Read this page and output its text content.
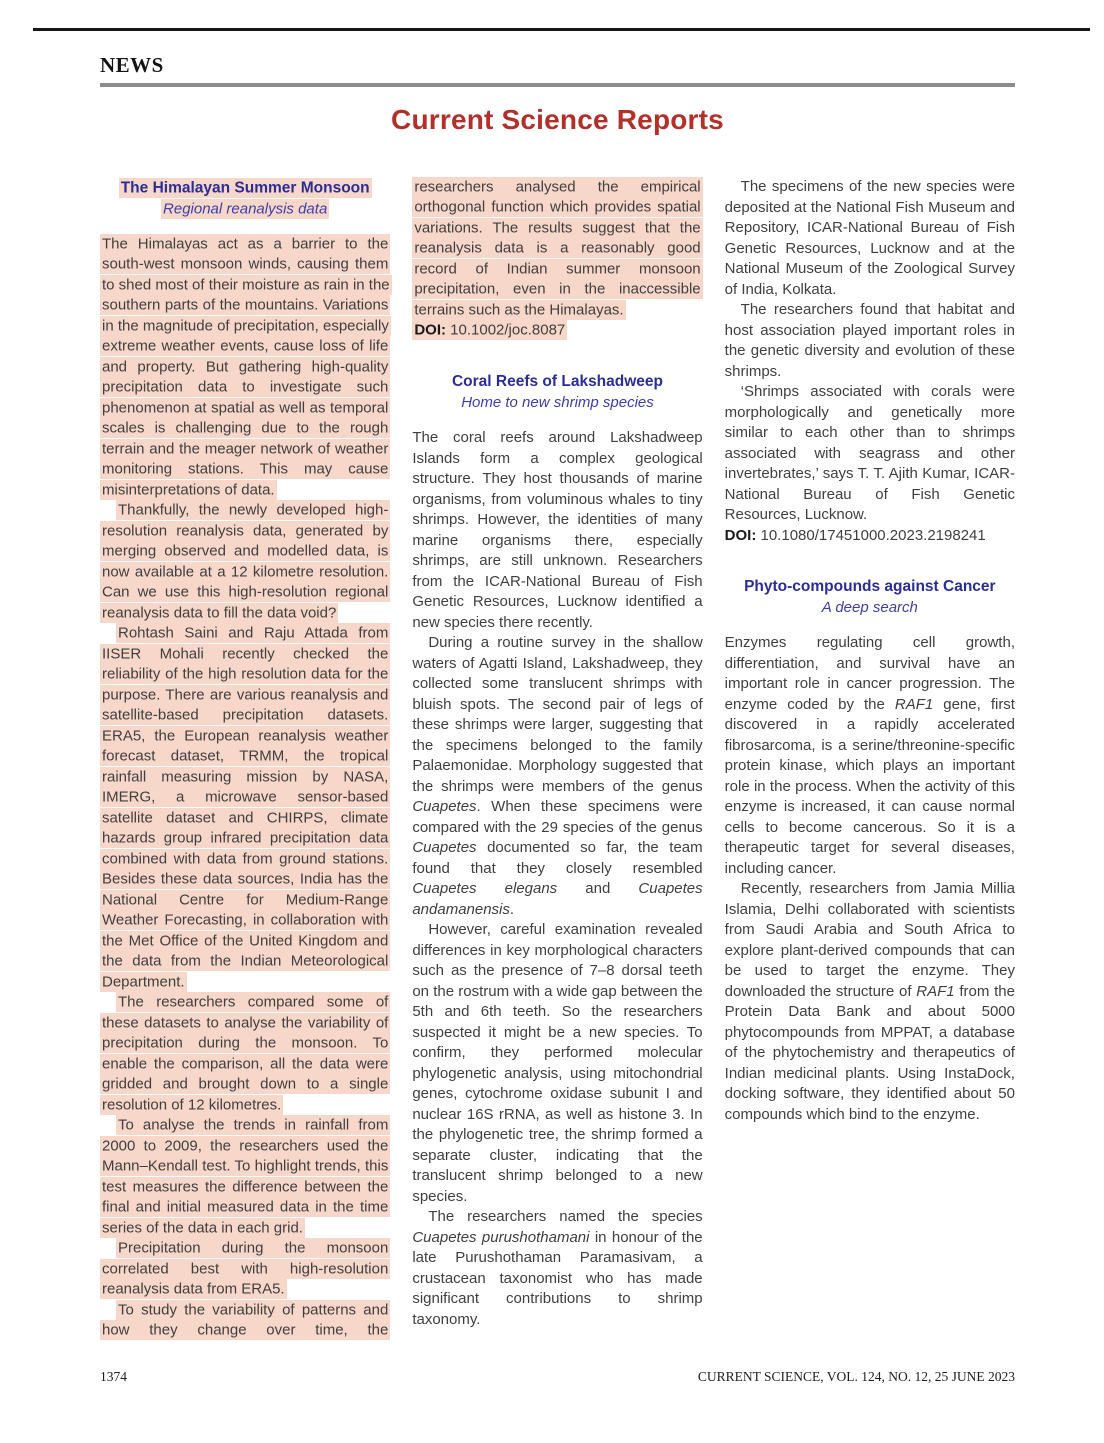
NEWS
Current Science Reports
The Himalayan Summer Monsoon
Regional reanalysis data

The Himalayas act as a barrier to the south-west monsoon winds, causing them to shed most of their moisture as rain in the southern parts of the mountains. Variations in the magnitude of precipitation, especially extreme weather events, cause loss of life and property. But gathering high-quality precipitation data to investigate such phenomenon at spatial as well as temporal scales is challenging due to the rough terrain and the meager network of weather monitoring stations. This may cause misinterpretations of data.

Thankfully, the newly developed high-resolution reanalysis data, generated by merging observed and modelled data, is now available at a 12 kilometre resolution. Can we use this high-resolution regional reanalysis data to fill the data void?

Rohtash Saini and Raju Attada from IISER Mohali recently checked the reliability of the high resolution data for the purpose. There are various reanalysis and satellite-based precipitation datasets. ERA5, the European reanalysis weather forecast dataset, TRMM, the tropical rainfall measuring mission by NASA, IMERG, a microwave sensor-based satellite dataset and CHIRPS, climate hazards group infrared precipitation data combined with data from ground stations. Besides these data sources, India has the National Centre for Medium-Range Weather Forecasting, in collaboration with the Met Office of the United Kingdom and the data from the Indian Meteorological Department.

The researchers compared some of these datasets to analyse the variability of precipitation during the monsoon. To enable the comparison, all the data were gridded and brought down to a single resolution of 12 kilometres.

To analyse the trends in rainfall from 2000 to 2009, the researchers used the Mann–Kendall test. To highlight trends, this test measures the difference between the final and initial measured data in the time series of the data in each grid.

Precipitation during the monsoon correlated best with high-resolution reanalysis data from ERA5.

To study the variability of patterns and how they change over time, the researchers analysed the empirical orthogonal function which provides spatial variations. The results suggest that the reanalysis data is a reasonably good record of Indian summer monsoon precipitation, even in the inaccessible terrains such as the Himalayas.

DOI: 10.1002/joc.8087

Coral Reefs of Lakshadweep
Home to new shrimp species

The coral reefs around Lakshadweep Islands form a complex geological structure. They host thousands of marine organisms, from voluminous whales to tiny shrimps. However, the identities of many marine organisms there, especially shrimps, are still unknown. Researchers from the ICAR-National Bureau of Fish Genetic Resources, Lucknow identified a new species there recently.

During a routine survey in the shallow waters of Agatti Island, Lakshadweep, they collected some translucent shrimps with bluish spots. The second pair of legs of these shrimps were larger, suggesting that the specimens belonged to the family Palaemonidae. Morphology suggested that the shrimps were members of the genus Cuapetes. When these specimens were compared with the 29 species of the genus Cuapetes documented so far, the team found that they closely resembled Cuapetes elegans and Cuapetes andamanensis.

However, careful examination revealed differences in key morphological characters such as the presence of 7–8 dorsal teeth on the rostrum with a wide gap between the 5th and 6th teeth. So the researchers suspected it might be a new species. To confirm, they performed molecular phylogenetic analysis, using mitochondrial genes, cytochrome oxidase subunit I and nuclear 16S rRNA, as well as histone 3. In the phylogenetic tree, the shrimp formed a separate cluster, indicating that the translucent shrimp belonged to a new species.

The researchers named the species Cuapetes purushothamani in honour of the late Purushothaman Paramasivam, a crustacean taxonomist who has made significant contributions to shrimp taxonomy.

The specimens of the new species were deposited at the National Fish Museum and Repository, ICAR-National Bureau of Fish Genetic Resources, Lucknow and at the National Museum of the Zoological Survey of India, Kolkata.

The researchers found that habitat and host association played important roles in the genetic diversity and evolution of these shrimps.

‘Shrimps associated with corals were morphologically and genetically more similar to each other than to shrimps associated with seagrass and other invertebrates,’ says T. T. Ajith Kumar, ICAR-National Bureau of Fish Genetic Resources, Lucknow.

DOI: 10.1080/17451000.2023.2198241

Phyto-compounds against Cancer
A deep search

Enzymes regulating cell growth, differentiation, and survival have an important role in cancer progression. The enzyme coded by the RAF1 gene, first discovered in a rapidly accelerated fibrosarcoma, is a serine/threonine-specific protein kinase, which plays an important role in the process. When the activity of this enzyme is increased, it can cause normal cells to become cancerous. So it is a therapeutic target for several diseases, including cancer.

Recently, researchers from Jamia Millia Islamia, Delhi collaborated with scientists from Saudi Arabia and South Africa to explore plant-derived compounds that can be used to target the enzyme. They downloaded the structure of RAF1 from the Protein Data Bank and about 5000 phytocompounds from MPPAT, a database of the phytochemistry and therapeutics of Indian medicinal plants. Using InstaDock, docking software, they identified about 50 compounds which bind to the enzyme.

1374	CURRENT SCIENCE, VOL. 124, NO. 12, 25 JUNE 2023
